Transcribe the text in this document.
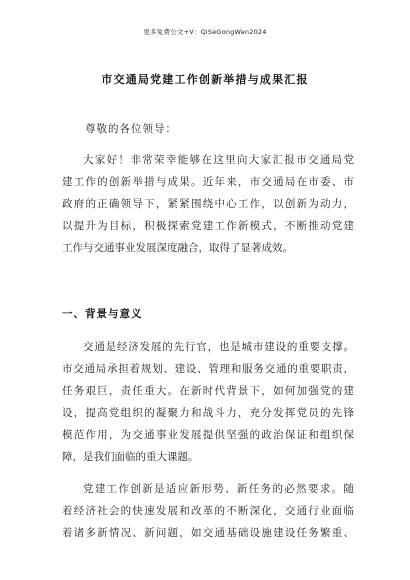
更多免费公文+V：QiSeGongWen2024
市交通局党建工作创新举措与成果汇报
尊敬的各位领导：
大家好！非常荣幸能够在这里向大家汇报市交通局党
建工作的创新举措与成果。近年来，市交通局在市委、市
政府的正确领导下，紧紧围绕中心工作，以创新为动力，
以提升为目标，积极探索党建工作新模式，不断推动党建
工作与交通事业发展深度融合，取得了显著成效。
一、背景与意义
交通是经济发展的先行官，也是城市建设的重要支撑。
市交通局承担着规划、建设、管理和服务交通的重要职责，
任务艰巨，责任重大。在新时代背景下，如何加强党的建
设，提高党组织的凝聚力和战斗力，充分发挥党员的先锋
模范作用，为交通事业发展提供坚强的政治保证和组织保
障，是我们面临的重大课题。
党建工作创新是适应新形势、新任务的必然要求。随
着经济社会的快速发展和改革的不断深化，交通行业面临
着诸多新情况、新问题，如交通基础设施建设任务繁重、
